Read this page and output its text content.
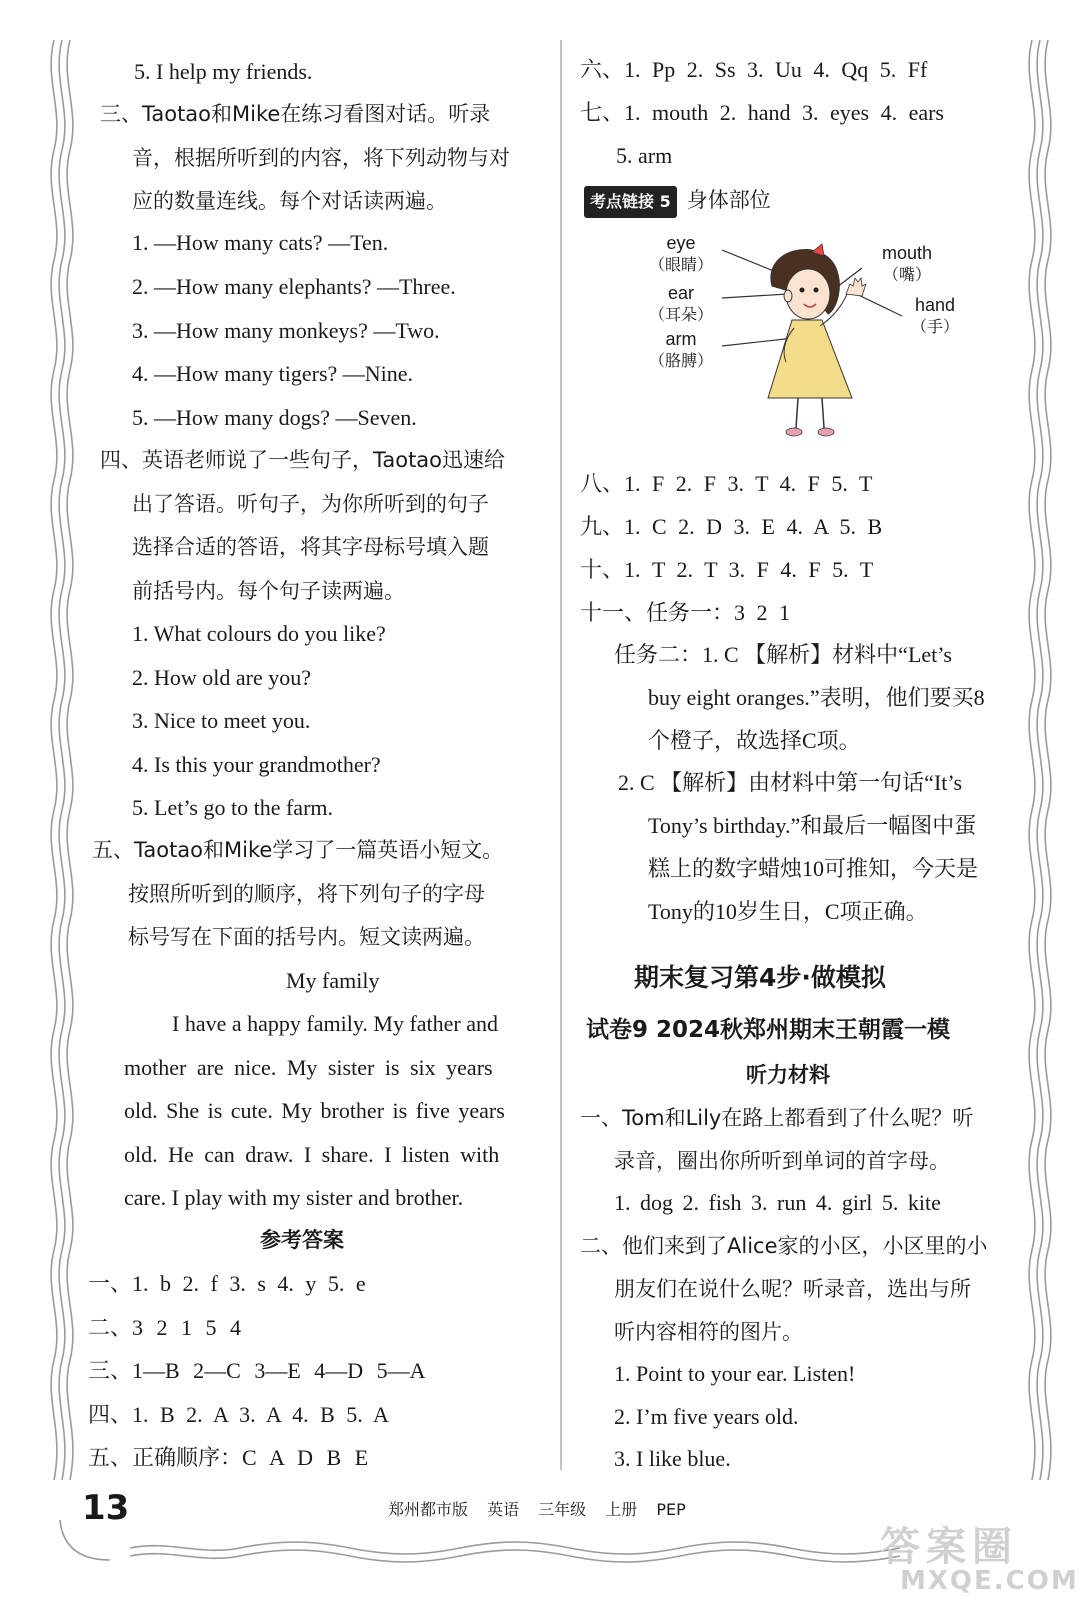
5. I help my friends.
三、Taotao和Mike在练习看图对话。听录
音，根据所听到的内容，将下列动物与对
应的数量连线。每个对话读两遍。
1. —How many cats? —Ten.
2. —How many elephants? —Three.
3. —How many monkeys? —Two.
4. —How many tigers? —Nine.
5. —How many dogs? —Seven.
四、英语老师说了一些句子，Taotao迅速给
出了答语。听句子，为你所听到的句子
选择合适的答语，将其字母标号填入题
前括号内。每个句子读两遍。
1. What colours do you like?
2. How old are you?
3. Nice to meet you.
4. Is this your grandmother?
5. Let’s go to the farm.
五、Taotao和Mike学习了一篇英语小短文。
按照所听到的顺序，将下列句子的字母
标号写在下面的括号内。短文读两遍。
My family
I have a happy family. My father and
mother are nice. My sister is six years
old. She is cute. My brother is five years
old. He can draw. I share. I listen with
care. I play with my sister and brother.
参考答案
一、1. b 2. f 3. s 4. y 5. e
二、3 2 1 5 4
三、1—B 2—C 3—E 4—D 5—A
四、1. B 2. A 3. A 4. B 5. A
五、正确顺序：C A D B E
六、1. Pp 2. Ss 3. Uu 4. Qq 5. Ff
七、1. mouth 2. hand 3. eyes 4. ears
5. arm
考点链接 5 身体部位
eye
（眼睛）
ear
（耳朵）
arm
（胳膊）
mouth
（嘴）
hand
（手）
八、1. F 2. F 3. T 4. F 5. T
九、1. C 2. D 3. E 4. A 5. B
十、1. T 2. T 3. F 4. F 5. T
十一、任务一：3 2 1
任务二：1. C 【解析】材料中“Let’s
buy eight oranges.”表明，他们要买8
个橙子，故选择C项。
2. C 【解析】由材料中第一句话“It’s
Tony’s birthday.”和最后一幅图中蛋
糕上的数字蜡烛10可推知，今天是
Tony的10岁生日，C项正确。
期末复习第4步·做模拟
试卷9 2024秋郑州期末王朝霞一模
听力材料
一、Tom和Lily在路上都看到了什么呢？听
录音，圈出你所听到单词的首字母。
1. dog 2. fish 3. run 4. girl 5. kite
二、他们来到了Alice家的小区，小区里的小
朋友们在说什么呢？听录音，选出与所
听内容相符的图片。
1. Point to your ear. Listen!
2. I’m five years old.
3. I like blue.
13	郑州都市版 英语 三年级 上册 PEP
答案圈
MXQE.COM
